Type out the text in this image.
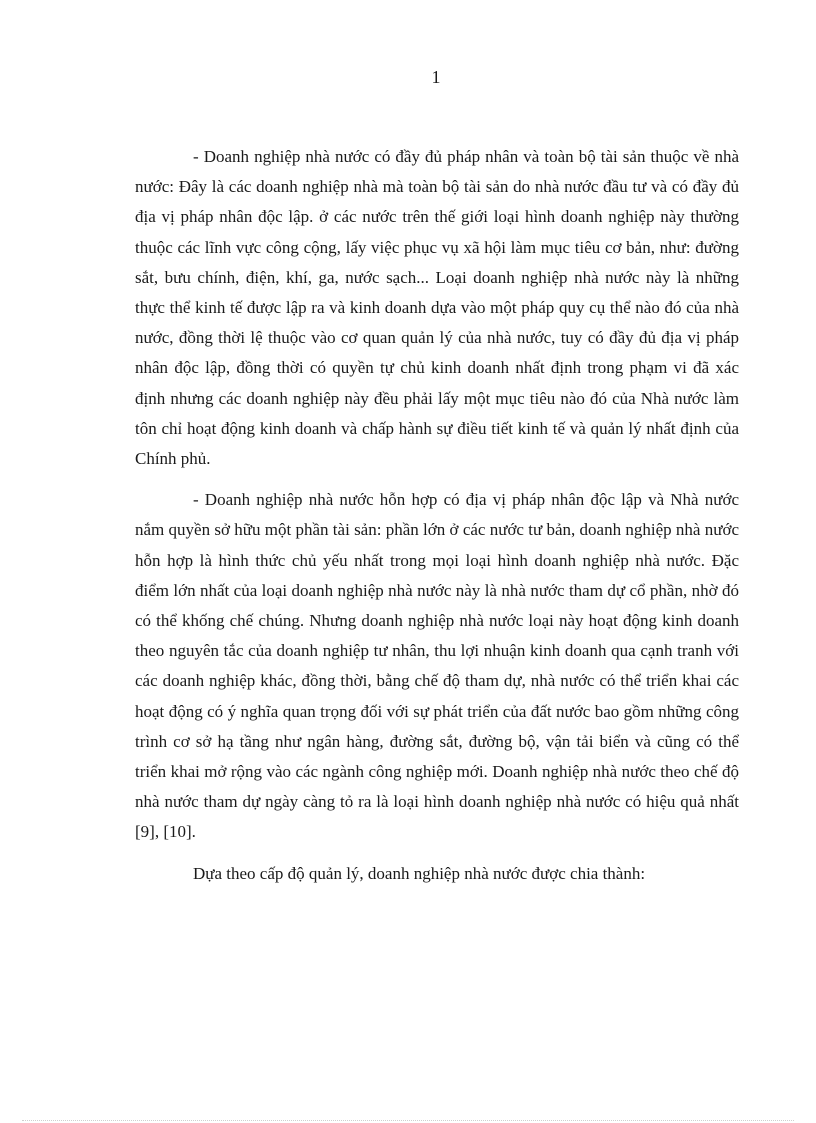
1

- Doanh nghiệp nhà nước có đầy đủ pháp nhân và toàn bộ tài sản thuộc về nhà nước: Đây là các doanh nghiệp nhà mà toàn bộ tài sản do nhà nước đầu tư và có đầy đủ địa vị pháp nhân độc lập. ở các nước trên thế giới loại hình doanh nghiệp này thường thuộc các lĩnh vực công cộng, lấy việc phục vụ xã hội làm mục tiêu cơ bản, như: đường sắt, bưu chính, điện, khí, ga, nước sạch... Loại doanh nghiệp nhà nước này là những thực thể kinh tế được lập ra và kinh doanh dựa vào một pháp quy cụ thể nào đó của nhà nước, đồng thời lệ thuộc vào cơ quan quản lý của nhà nước, tuy có đầy đủ địa vị pháp nhân độc lập, đồng thời có quyền tự chủ kinh doanh nhất định trong phạm vi đã xác định nhưng các doanh nghiệp này đều phải lấy một mục tiêu nào đó của Nhà nước làm tôn chỉ hoạt động kinh doanh và chấp hành sự điều tiết kinh tế và quản lý nhất định của Chính phủ.

- Doanh nghiệp nhà nước hỗn hợp có địa vị pháp nhân độc lập và Nhà nước nắm quyền sở hữu một phần tài sản: phần lớn ở các nước tư bản, doanh nghiệp nhà nước hỗn hợp là hình thức chủ yếu nhất trong mọi loại hình doanh nghiệp nhà nước. Đặc điểm lớn nhất của loại doanh nghiệp nhà nước này là nhà nước tham dự cổ phần, nhờ đó có thể khống chế chúng. Nhưng doanh nghiệp nhà nước loại này hoạt động kinh doanh theo nguyên tắc của doanh nghiệp tư nhân, thu lợi nhuận kinh doanh qua cạnh tranh với các doanh nghiệp khác, đồng thời, bằng chế độ tham dự, nhà nước có thể triển khai các hoạt động có ý nghĩa quan trọng đối với sự phát triển của đất nước bao gồm những công trình cơ sở hạ tầng như ngân hàng, đường sắt, đường bộ, vận tải biển và cũng có thể triển khai mở rộng vào các ngành công nghiệp mới. Doanh nghiệp nhà nước theo chế độ nhà nước tham dự ngày càng tỏ ra là loại hình doanh nghiệp nhà nước có hiệu quả nhất [9], [10].

Dựa theo cấp độ quản lý, doanh nghiệp nhà nước được chia thành:
